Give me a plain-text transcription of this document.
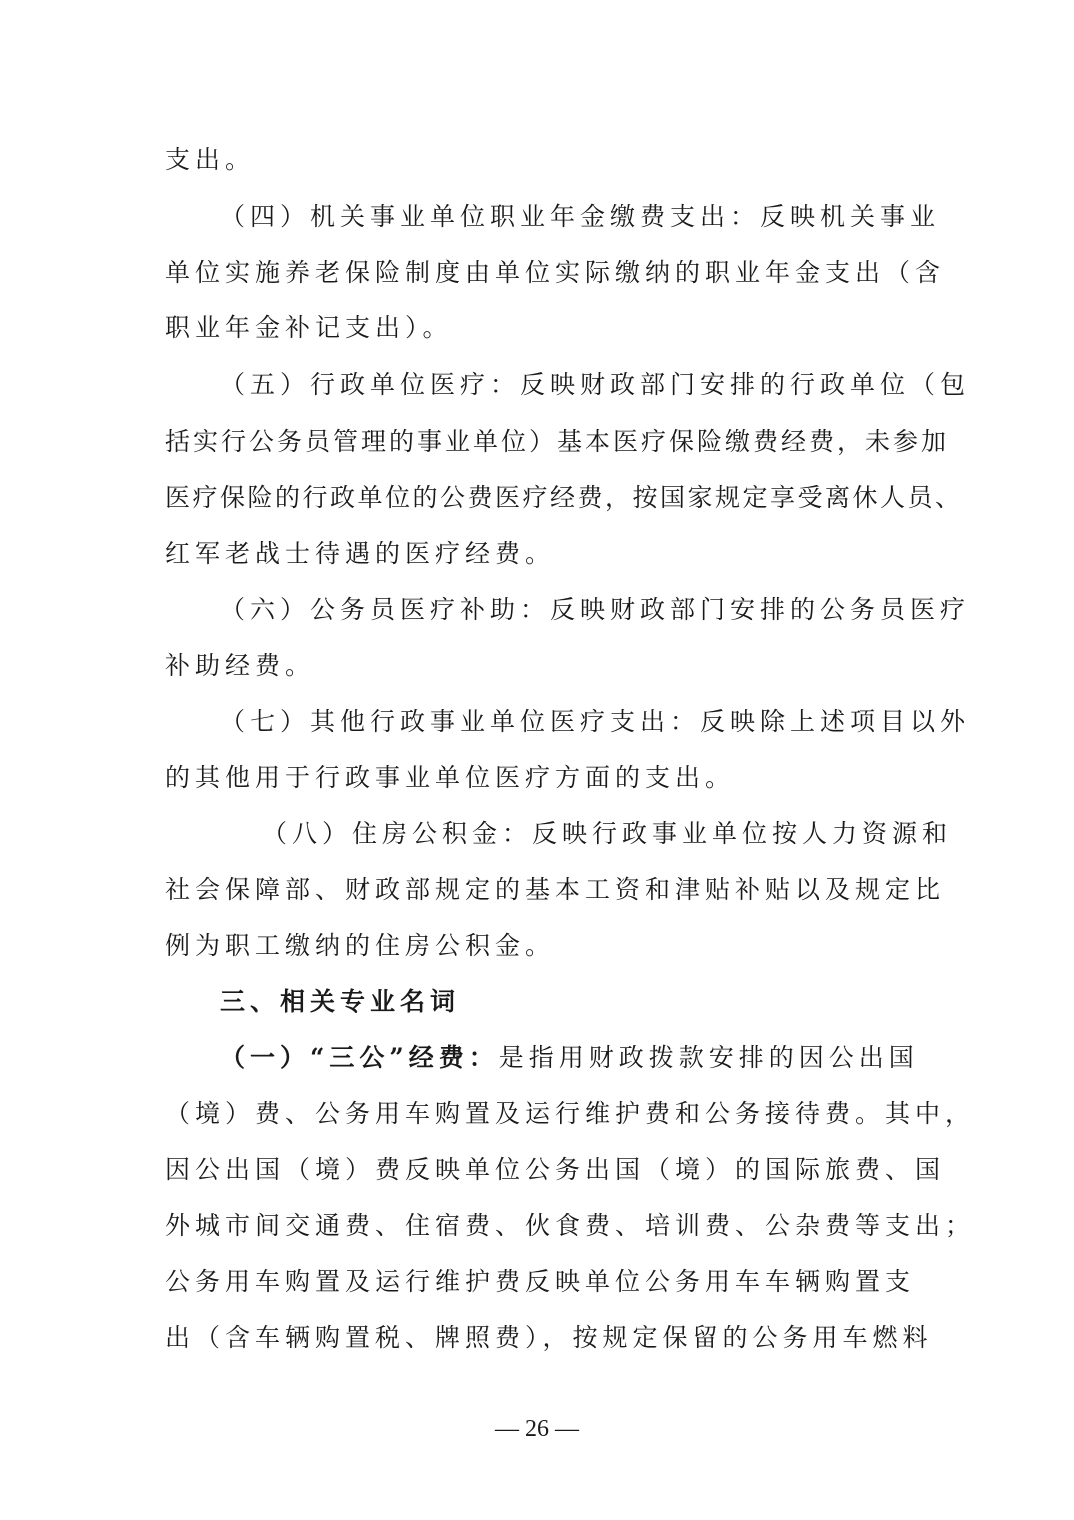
支出。
（四）机关事业单位职业年金缴费支出：反映机关事业
单位实施养老保险制度由单位实际缴纳的职业年金支出（含
职业年金补记支出）。
（五）行政单位医疗：反映财政部门安排的行政单位（包
括实行公务员管理的事业单位）基本医疗保险缴费经费，未参加
医疗保险的行政单位的公费医疗经费，按国家规定享受离休人员、
红军老战士待遇的医疗经费。
（六）公务员医疗补助：反映财政部门安排的公务员医疗
补助经费。
（七）其他行政事业单位医疗支出：反映除上述项目以外
的其他用于行政事业单位医疗方面的支出。
（八）住房公积金：反映行政事业单位按人力资源和
社会保障部、财政部规定的基本工资和津贴补贴以及规定比
例为职工缴纳的住房公积金。
三、相关专业名词
（一）“三公”经费：是指用财政拨款安排的因公出国
（境）费、公务用车购置及运行维护费和公务接待费。其中，
因公出国（境）费反映单位公务出国（境）的国际旅费、国
外城市间交通费、住宿费、伙食费、培训费、公杂费等支出；
公务用车购置及运行维护费反映单位公务用车车辆购置支
出（含车辆购置税、牌照费），按规定保留的公务用车燃料
— 26 —
